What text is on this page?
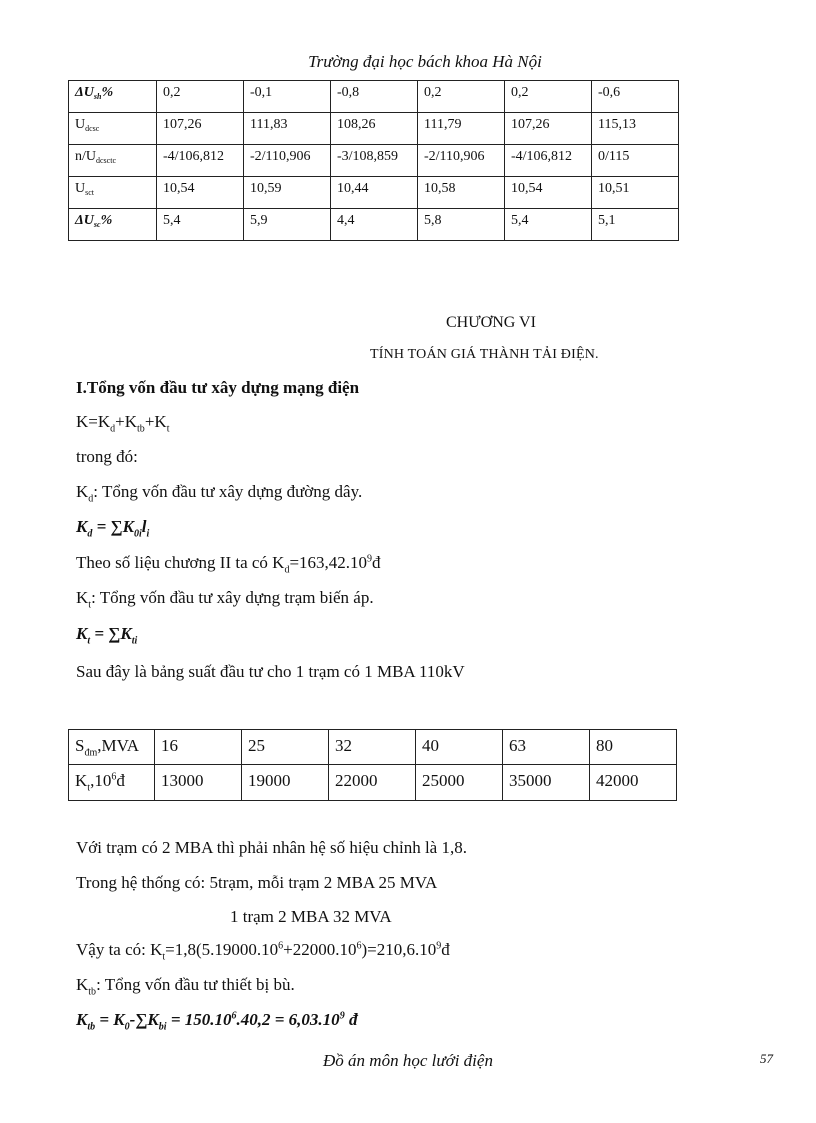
Trường đại học bách khoa Hà Nội
$\Delta U_{sh}\%$	0,2	-0,1	-0,8	0,2	0,2	-0,6
$U_{dcsc}$	107,26	111,83	108,26	111,79	107,26	115,13
$n/U_{dcsctc}$	-4/106,812	-2/110,906	-3/108,859	-2/110,906	-4/106,812	0/115
$U_{sct}$	10,54	10,59	10,44	10,58	10,54	10,51
$\Delta U_{sc}\%$	5,4	5,9	4,4	5,8	5,4	5,1
CHƯƠNG VI
TÍNH TOÁN GIÁ THÀNH TẢI ĐIỆN.
I.Tổng vốn đầu tư xây dựng mạng điện
$K=K_d+K_{tb}+K_t$
trong đó:
$K_d$: Tổng vốn đầu tư xây dựng đường dây.
$K_d = \sum K_{0i}l_i$
Theo số liệu chương II ta có $K_d=163,42.10^9đ$
$K_t$: Tổng vốn đầu tư xây dựng trạm biến áp.
$K_t = \sum K_{ti}$
Sau đây là bảng suất đầu tư cho 1 trạm có 1 MBA 110kV
$S_{đm},MVA$	16	25	32	40	63	80
$K_t,10^6đ$	13000	19000	22000	25000	35000	42000
Với trạm có 2 MBA thì phải nhân hệ số hiệu chỉnh là 1,8.
Trong hệ thống có: 5trạm, mỗi trạm 2 MBA 25 MVA
1 trạm 2 MBA 32 MVA
Vậy ta có: $K_t=1,8(5.19000.10^6+22000.10^6)=210,6.10^9đ$
$K_{tb}$: Tổng vốn đầu tư thiết bị bù.
$K_{tb} = K_0-\sum K_{bi} = 150.10^6.40,2 = 6,03.10^9$ đ
Đồ án môn học lưới điện	57
